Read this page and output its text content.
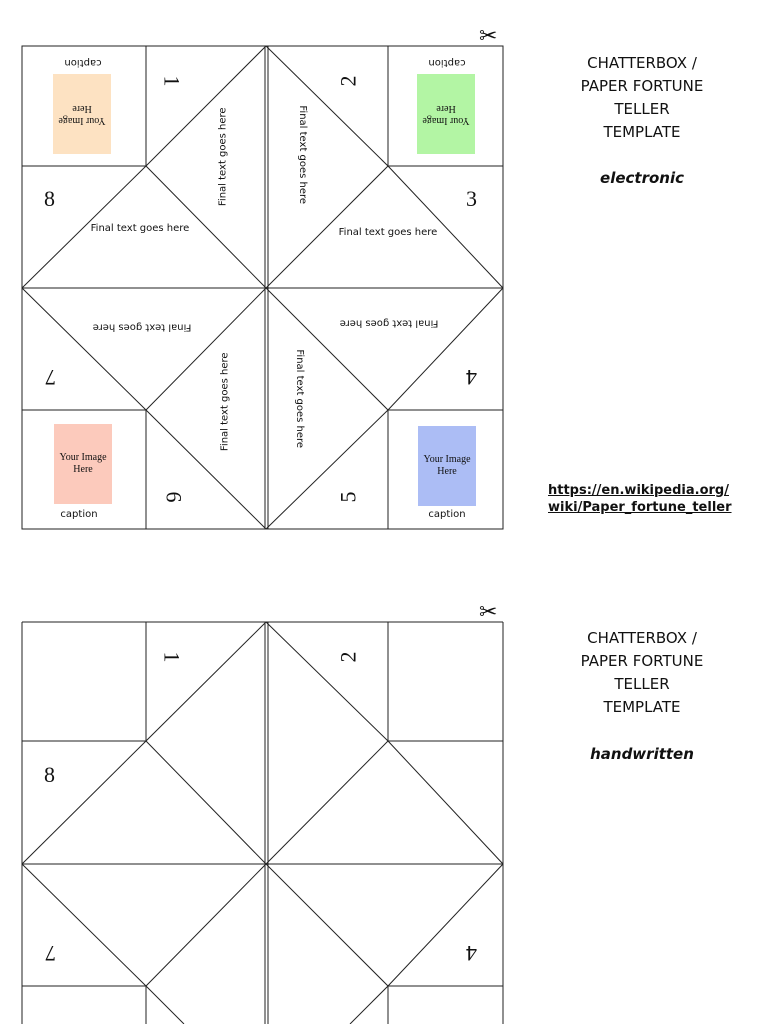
1	2
3
4
5
6
7
8
Final text goes here	Final text goes here
Final text goes here	Final text goes here
Final text goes here	Final text goes here
Final text goes here	Final text goes here
Your Image Here
caption
Your Image Here
caption
Your Image Here
caption
Your Image Here
caption
✂
CHATTERBOX /
PAPER FORTUNE
TELLER
TEMPLATE
electronic
https://en.wikipedia.org/
wiki/Paper_fortune_teller
1	2
8
7	4
✂
CHATTERBOX /
PAPER FORTUNE
TELLER
TEMPLATE
handwritten
